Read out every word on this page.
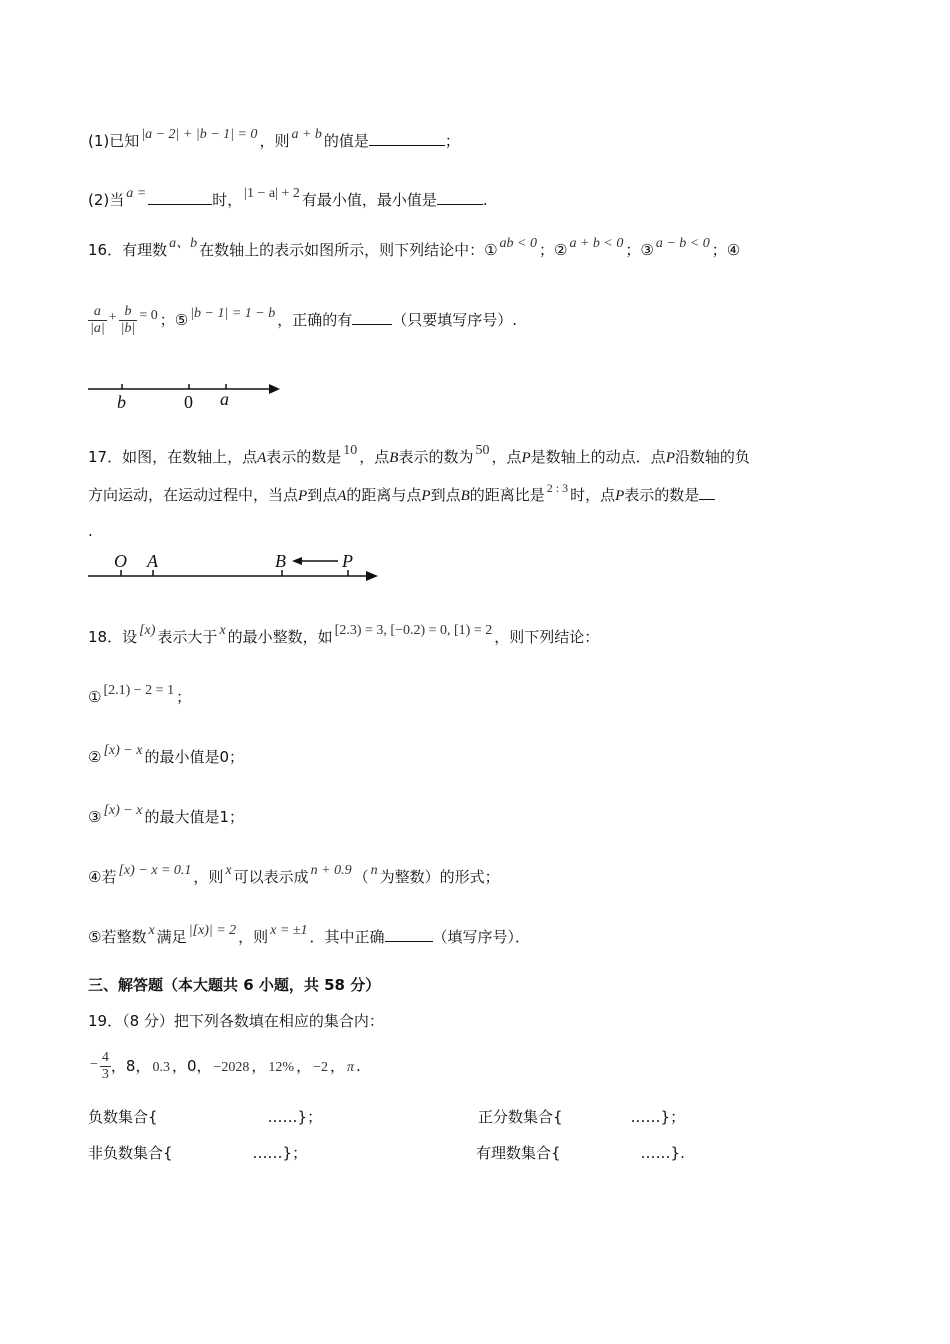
(1)已知 |a − 2| + |b − 1| = 0 ，则 a + b 的值是	；
(2)当 a =	时， |1 − a| + 2 有最小值，最小值是	.
16．有理数 a、b 在数轴上的表示如图所示，则下列结论中：① ab < 0 ；② a + b < 0 ；③ a − b < 0 ；④
$\frac{a}{|a|} + \frac{b}{|b|} = 0$ ；⑤ |b − 1| = 1 − b ，正确的有	（只要填写序号）.
b	0 a
17．如图，在数轴上，点A表示的数是 10 ，点B表示的数为 50 ，点P是数轴上的动点．点P沿数轴的负
方向运动，在运动过程中，当点P到点A的距离与点P到点B的距离比是 $^{2 : 3}$ 时，点P表示的数是
.
O A	B	P
18．设 [x) 表示大于 x 的最小整数，如 [2.3) = 3, [−0.2) = 0, [1) = 2 ，则下列结论：
① [2.1) − 2 = 1 ；
② [x) − x 的最小值是0；
③ [x) − x 的最大值是1；
④若 [x) − x = 0.1 ，则 x 可以表示成 n + 0.9 （ n 为整数）的形式；
⑤若整数 x 满足 |[x)| = 2 ，则 x = ±1 ．其中正确	（填写序号）．
三、解答题（本大题共 6 小题，共 58 分）
19．（8 分）把下列各数填在相应的集合内：
− $\frac{4}{3}$ ，8， 0.3 ，0， −2028 ， 12% ， −2 ， π .
负数集合{	……}；	正分数集合{	……}；
非负数集合{	……}；	有理数集合{	……}.
